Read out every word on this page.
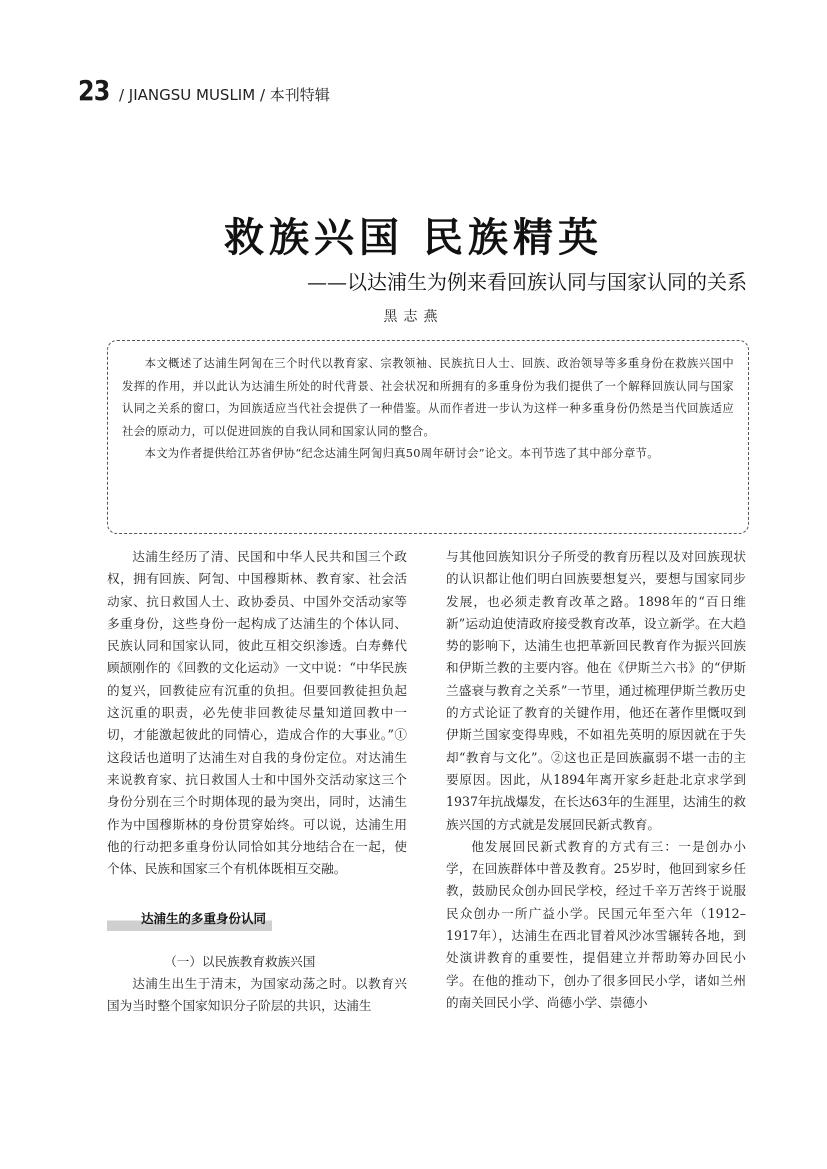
23 / JIANGSU MUSLIM / 本刊特辑
救族兴国 民族精英
——以达浦生为例来看回族认同与国家认同的关系
黑志燕

本文概述了达浦生阿訇在三个时代以教育家、宗教领袖、民族抗日人士、回族、政治领导等多重身份在救族兴国中发挥的作用，并以此认为达浦生所处的时代背景、社会状况和所拥有的多重身份为我们提供了一个解释回族认同与国家认同之关系的窗口，为回族适应当代社会提供了一种借鉴。从而作者进一步认为这样一种多重身份仍然是当代回族适应社会的原动力，可以促进回族的自我认同和国家认同的整合。

本文为作者提供给江苏省伊协“纪念达浦生阿訇归真50周年研讨会”论文。本刊节选了其中部分章节。

达浦生经历了清、民国和中华人民共和国三个政权，拥有回族、阿訇、中国穆斯林、教育家、社会活动家、抗日救国人士、政协委员、中国外交活动家等多重身份，这些身份一起构成了达浦生的个体认同、民族认同和国家认同，彼此互相交织渗透。白寿彝代顾颉刚作的《回教的文化运动》一文中说：“中华民族的复兴，回教徒应有沉重的负担。但要回教徒担负起这沉重的职责，必先使非回教徒尽量知道回教中一切，才能激起彼此的同情心，造成合作的大事业。”①这段话也道明了达浦生对自我的身份定位。对达浦生来说教育家、抗日救国人士和中国外交活动家这三个身份分别在三个时期体现的最为突出，同时，达浦生作为中国穆斯林的身份贯穿始终。可以说，达浦生用他的行动把多重身份认同恰如其分地结合在一起，使个体、民族和国家三个有机体既相互交融。

达浦生的多重身份认同

（一）以民族教育救族兴国

达浦生出生于清末，为国家动荡之时。以教育兴国为当时整个国家知识分子阶层的共识，达浦生

与其他回族知识分子所受的教育历程以及对回族现状的认识都让他们明白回族要想复兴，要想与国家同步发展，也必须走教育改革之路。1898年的“百日维新”运动迫使清政府接受教育改革，设立新学。在大趋势的影响下，达浦生也把革新回民教育作为振兴回族和伊斯兰教的主要内容。他在《伊斯兰六书》的“伊斯兰盛衰与教育之关系”一节里，通过梳理伊斯兰教历史的方式论证了教育的关键作用，他还在著作里慨叹到伊斯兰国家变得卑贱，不如祖先英明的原因就在于失却“教育与文化”。②这也正是回族羸弱不堪一击的主要原因。因此，从1894年离开家乡赶赴北京求学到1937年抗战爆发，在长达63年的生涯里，达浦生的救族兴国的方式就是发展回民新式教育。

他发展回民新式教育的方式有三：一是创办小学，在回族群体中普及教育。25岁时，他回到家乡任教，鼓励民众创办回民学校，经过千辛万苦终于说服民众创办一所广益小学。民国元年至六年（1912–1917年），达浦生在西北冒着风沙冰雪辗转各地，到处演讲教育的重要性，提倡建立并帮助筹办回民小学。在他的推动下，创办了很多回民小学，诸如兰州的南关回民小学、尚德小学、崇德小
